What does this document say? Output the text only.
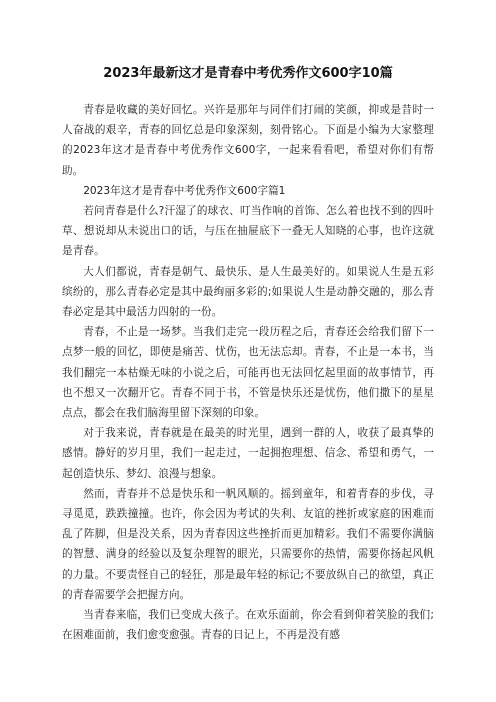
2023年最新这才是青春中考优秀作文600字10篇

青春是收藏的美好回忆。兴许是那年与同伴们打闹的笑颜，抑或是昔时一人奋战的艰辛，青春的回忆总是印象深刻，刻骨铭心。下面是小编为大家整理的2023年这才是青春中考优秀作文600字，一起来看看吧，希望对你们有帮助。

2023年这才是青春中考优秀作文600字篇1

若问青春是什么?汗湿了的球衣、叮当作响的首饰、怎么着也找不到的四叶草、想说却从未说出口的话，与压在抽屉底下一叠无人知晓的心事，也许这就是青春。

大人们都说，青春是朝气、最快乐、是人生最美好的。如果说人生是五彩缤纷的，那么青春必定是其中最绚丽多彩的;如果说人生是动静交融的，那么青春必定是其中最活力四射的一份。

青春，不止是一场梦。当我们走完一段历程之后，青春还会给我们留下一点梦一般的回忆，即使是痛苦、忧伤，也无法忘却。青春，不止是一本书，当我们翻完一本枯燥无味的小说之后，可能再也无法回忆起里面的故事情节，再也不想又一次翻开它。青春不同于书，不管是快乐还是忧伤，他们撒下的星星点点，都会在我们脑海里留下深刻的印象。

对于我来说，青春就是在最美的时光里，遇到一群的人，收获了最真挚的感情。静好的岁月里，我们一起走过，一起拥抱理想、信念、希望和勇气，一起创造快乐、梦幻、浪漫与想象。

然而，青春并不总是快乐和一帆风顺的。摇到童年，和着青春的步伐，寻寻觅觅，跌跌撞撞。也许，你会因为考试的失利、友谊的挫折或家庭的困难而乱了阵脚，但是没关系，因为青春因这些挫折而更加精彩。我们不需要你满脑的智慧、满身的经验以及复杂理智的眼光，只需要你的热情，需要你扬起风帆的力量。不要责怪自己的轻狂，那是最年轻的标记;不要放纵自己的欲望，真正的青春需要学会把握方向。

当青春来临，我们已变成大孩子。在欢乐面前，你会看到仰着笑脸的我们;在困难面前，我们愈变愈强。青春的日记上，不再是没有感
